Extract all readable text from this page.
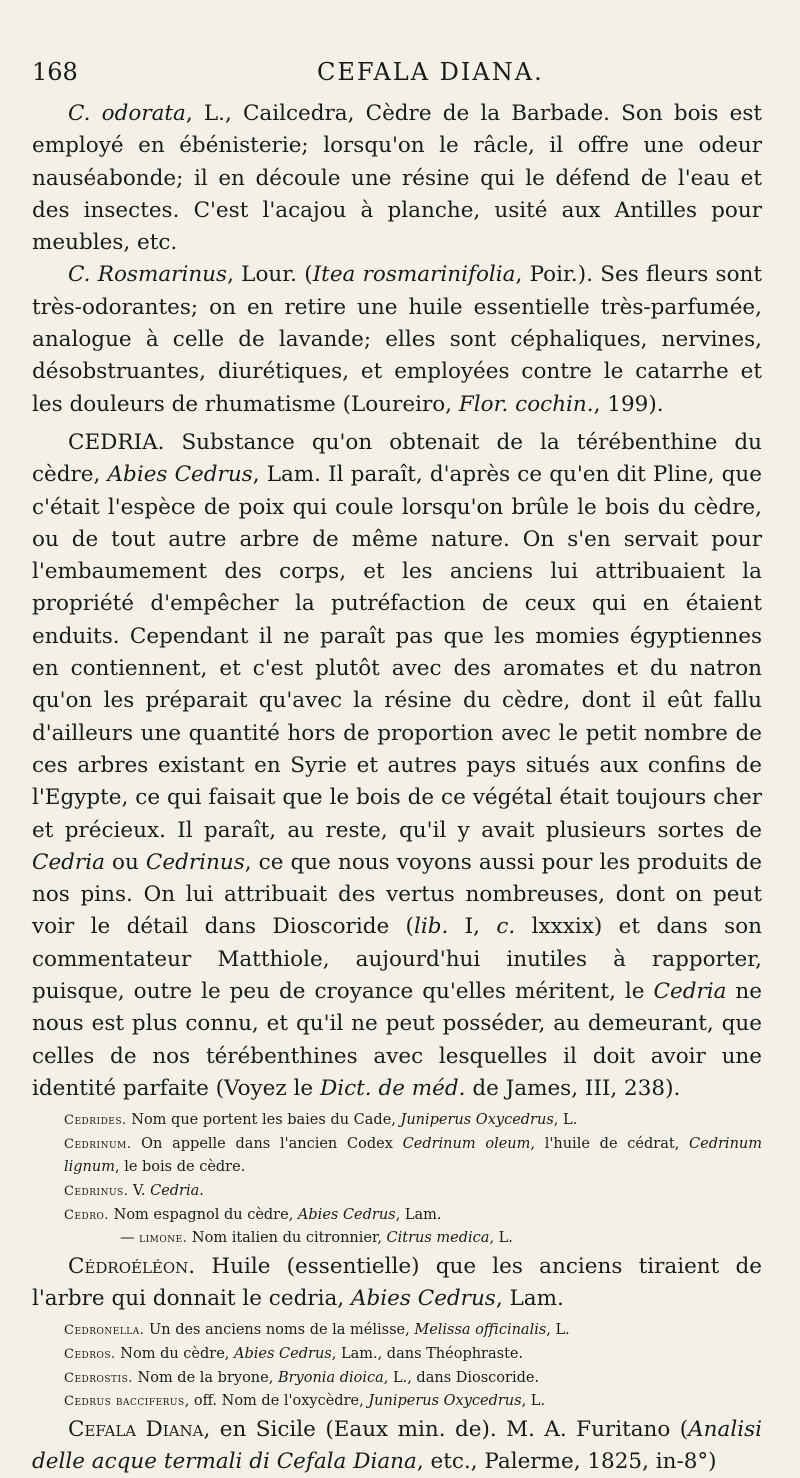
168	CEFALA DIANA.

C. odorata, L., Cailcedra, Cèdre de la Barbade. Son bois est employé en ébénisterie; lorsqu'on le râcle, il offre une odeur nauséabonde; il en découle une résine qui le défend de l'eau et des insectes. C'est l'acajou à planche, usité aux Antilles pour meubles, etc.

C. Rosmarinus, Lour. (Itea rosmarinifolia, Poir.). Ses fleurs sont très-odorantes; on en retire une huile essentielle très-parfumée, analogue à celle de lavande; elles sont céphaliques, nervines, désobstruantes, diurétiques, et employées contre le catarrhe et les douleurs de rhumatisme (Loureiro, Flor. cochin., 199).

CEDRIA. Substance qu'on obtenait de la térébenthine du cèdre, Abies Cedrus, Lam. Il paraît, d'après ce qu'en dit Pline, que c'était l'espèce de poix qui coule lorsqu'on brûle le bois du cèdre, ou de tout autre arbre de même nature. On s'en servait pour l'embaumement des corps, et les anciens lui attribuaient la propriété d'empêcher la putréfaction de ceux qui en étaient enduits. Cependant il ne paraît pas que les momies égyptiennes en contiennent, et c'est plutôt avec des aromates et du natron qu'on les préparait qu'avec la résine du cèdre, dont il eût fallu d'ailleurs une quantité hors de proportion avec le petit nombre de ces arbres existant en Syrie et autres pays situés aux confins de l'Egypte, ce qui faisait que le bois de ce végétal était toujours cher et précieux. Il paraît, au reste, qu'il y avait plusieurs sortes de Cedria ou Cedrinus, ce que nous voyons aussi pour les produits de nos pins. On lui attribuait des vertus nombreuses, dont on peut voir le détail dans Dioscoride (lib. I, c. lxxxix) et dans son commentateur Matthiole, aujourd'hui inutiles à rapporter, puisque, outre le peu de croyance qu'elles méritent, le Cedria ne nous est plus connu, et qu'il ne peut posséder, au demeurant, que celles de nos térébenthines avec lesquelles il doit avoir une identité parfaite (Voyez le Dict. de méd. de James, III, 238).

Cedrides. Nom que portent les baies du Cade, Juniperus Oxycedrus, L.

Cedrinum. On appelle dans l'ancien Codex Cedrinum oleum, l'huile de cédrat, Cedrinum lignum, le bois de cèdre.

Cedrinus. V. Cedria.

Cedro. Nom espagnol du cèdre, Abies Cedrus, Lam.

— limone. Nom italien du citronnier, Citrus medica, L.

Cédroéléon. Huile (essentielle) que les anciens tiraient de l'arbre qui donnait le cedria, Abies Cedrus, Lam.

Cedronella. Un des anciens noms de la mélisse, Melissa officinalis, L.

Cedros. Nom du cèdre, Abies Cedrus, Lam., dans Théophraste.

Cedrostis. Nom de la bryone, Bryonia dioica, L., dans Dioscoride.

Cedrus bacciferus, off. Nom de l'oxycèdre, Juniperus Oxycedrus, L.

Cefala Diana, en Sicile (Eaux min. de). M. A. Furitano (Analisi delle acque termali di Cefala Diana, etc., Palerme, 1825, in-8°)
